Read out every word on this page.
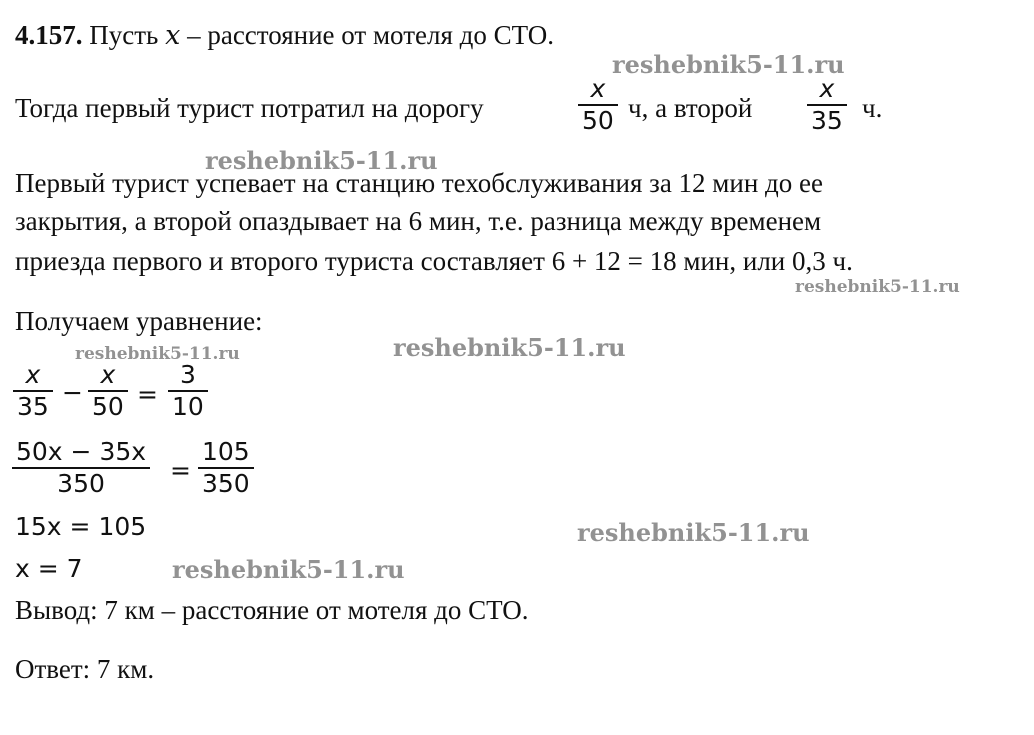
4.157. Пусть x – расстояние от мотеля до СТО.
Тогда первый турист потратил на дорогу
x
50 ч, а второй
x
35 ч.
Первый турист успевает на станцию техобслуживания за 12 мин до ее
закрытия, а второй опаздывает на 6 мин, т.е. разница между временем
приезда первого и второго туриста составляет 6 + 12 = 18 мин, или 0,3 ч.
Получаем уравнение:
x
35 −
x
50 =
3
10
50x − 35x
350	=
105
350
15x = 105
x = 7
Вывод: 7 км – расстояние от мотеля до СТО.
Ответ: 7 км.
reshebnik5-11.ru
reshebnik5-11.ru
reshebnik5-11.ru
reshebnik5-11.ru	reshebnik5-11.ru
reshebnik5-11.ru
reshebnik5-11.ru
